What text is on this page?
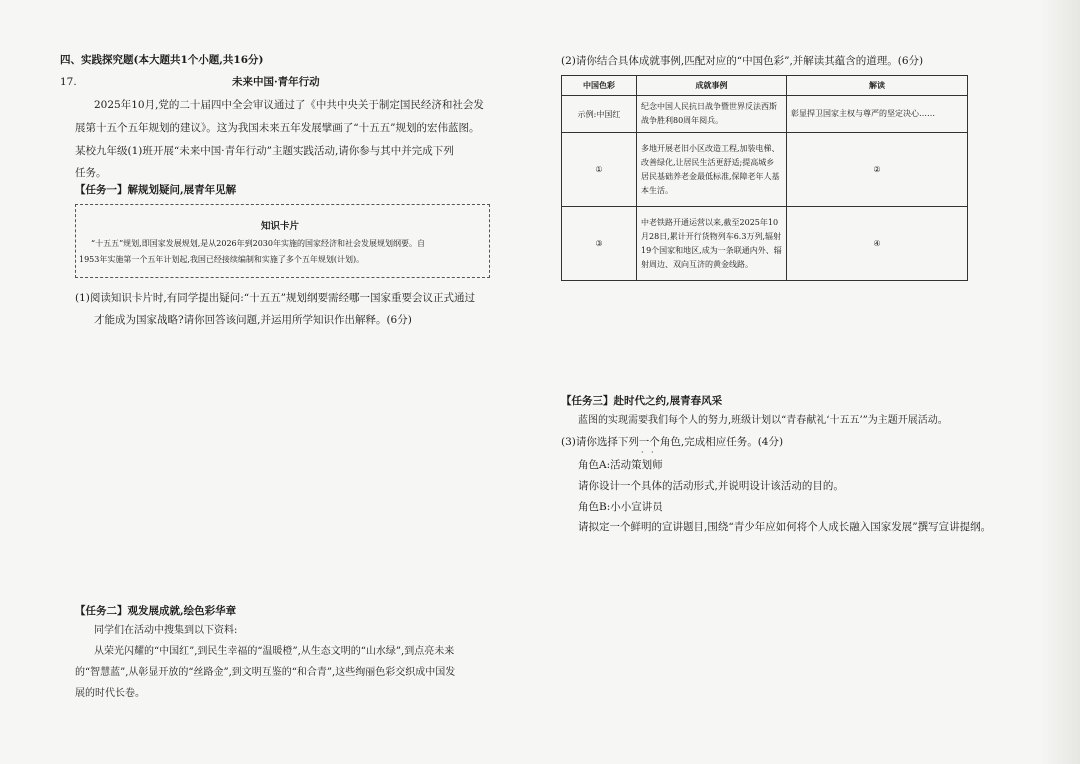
四、实践探究题(本大题共1个小题,共16分)
17.	未来中国·青年行动
2025年10月,党的二十届四中全会审议通过了《中共中央关于制定国民经济和社会发
展第十五个五年规划的建议》。这为我国未来五年发展擘画了“十五五”规划的宏伟蓝图。
某校九年级(1)班开展“未来中国·青年行动”主题实践活动,请你参与其中并完成下列
任务。
【任务一】解规划疑问,展青年见解
知识卡片
“十五五”规划,即国家发展规划,是从2026年到2030年实施的国家经济和社会发展规划纲要。自
1953年实施第一个五年计划起,我国已经接续编制和实施了多个五年规划(计划)。
(1)阅读知识卡片时,有同学提出疑问:“十五五”规划纲要需经哪一国家重要会议正式通过
才能成为国家战略?请你回答该问题,并运用所学知识作出解释。(6分)
【任务二】观发展成就,绘色彩华章
同学们在活动中搜集到以下资料:
从荣光闪耀的“中国红”,到民生幸福的“温暖橙”,从生态文明的“山水绿”,到点亮未来
的“智慧蓝”,从彰显开放的“丝路金”,到文明互鉴的“和合青”,这些绚丽色彩交织成中国发
展的时代长卷。
(2)请你结合具体成就事例,匹配对应的“中国色彩”,并解读其蕴含的道理。(6分)
中国色彩	成就事例	解读
示例:中国红	纪念中国人民抗日战争暨世界反法西斯战争胜利80周年阅兵。	彰显捍卫国家主权与尊严的坚定决心……

①	多地开展老旧小区改造工程,加装电梯、改善绿化,让居民生活更舒适;提高城乡居民基础养老金最低标准,保障老年人基本生活。	②
③	中老铁路开通运营以来,截至2025年10月28日,累计开行货物列车6.3万列,辐射19个国家和地区,成为一条联通内外、辐射周边、双向互济的黄金线路。	④
【任务三】赴时代之约,展青春风采
蓝图的实现需要我们每个人的努力,班级计划以“青春献礼‘十五五’”为主题开展活动。
(3)请你选择下列一个角色,完成相应任务。(4分)
· ·
角色A:活动策划师
请你设计一个具体的活动形式,并说明设计该活动的目的。
角色B:小小宣讲员
请拟定一个鲜明的宣讲题目,围绕“青少年应如何将个人成长融入国家发展”撰写宣讲提纲。
